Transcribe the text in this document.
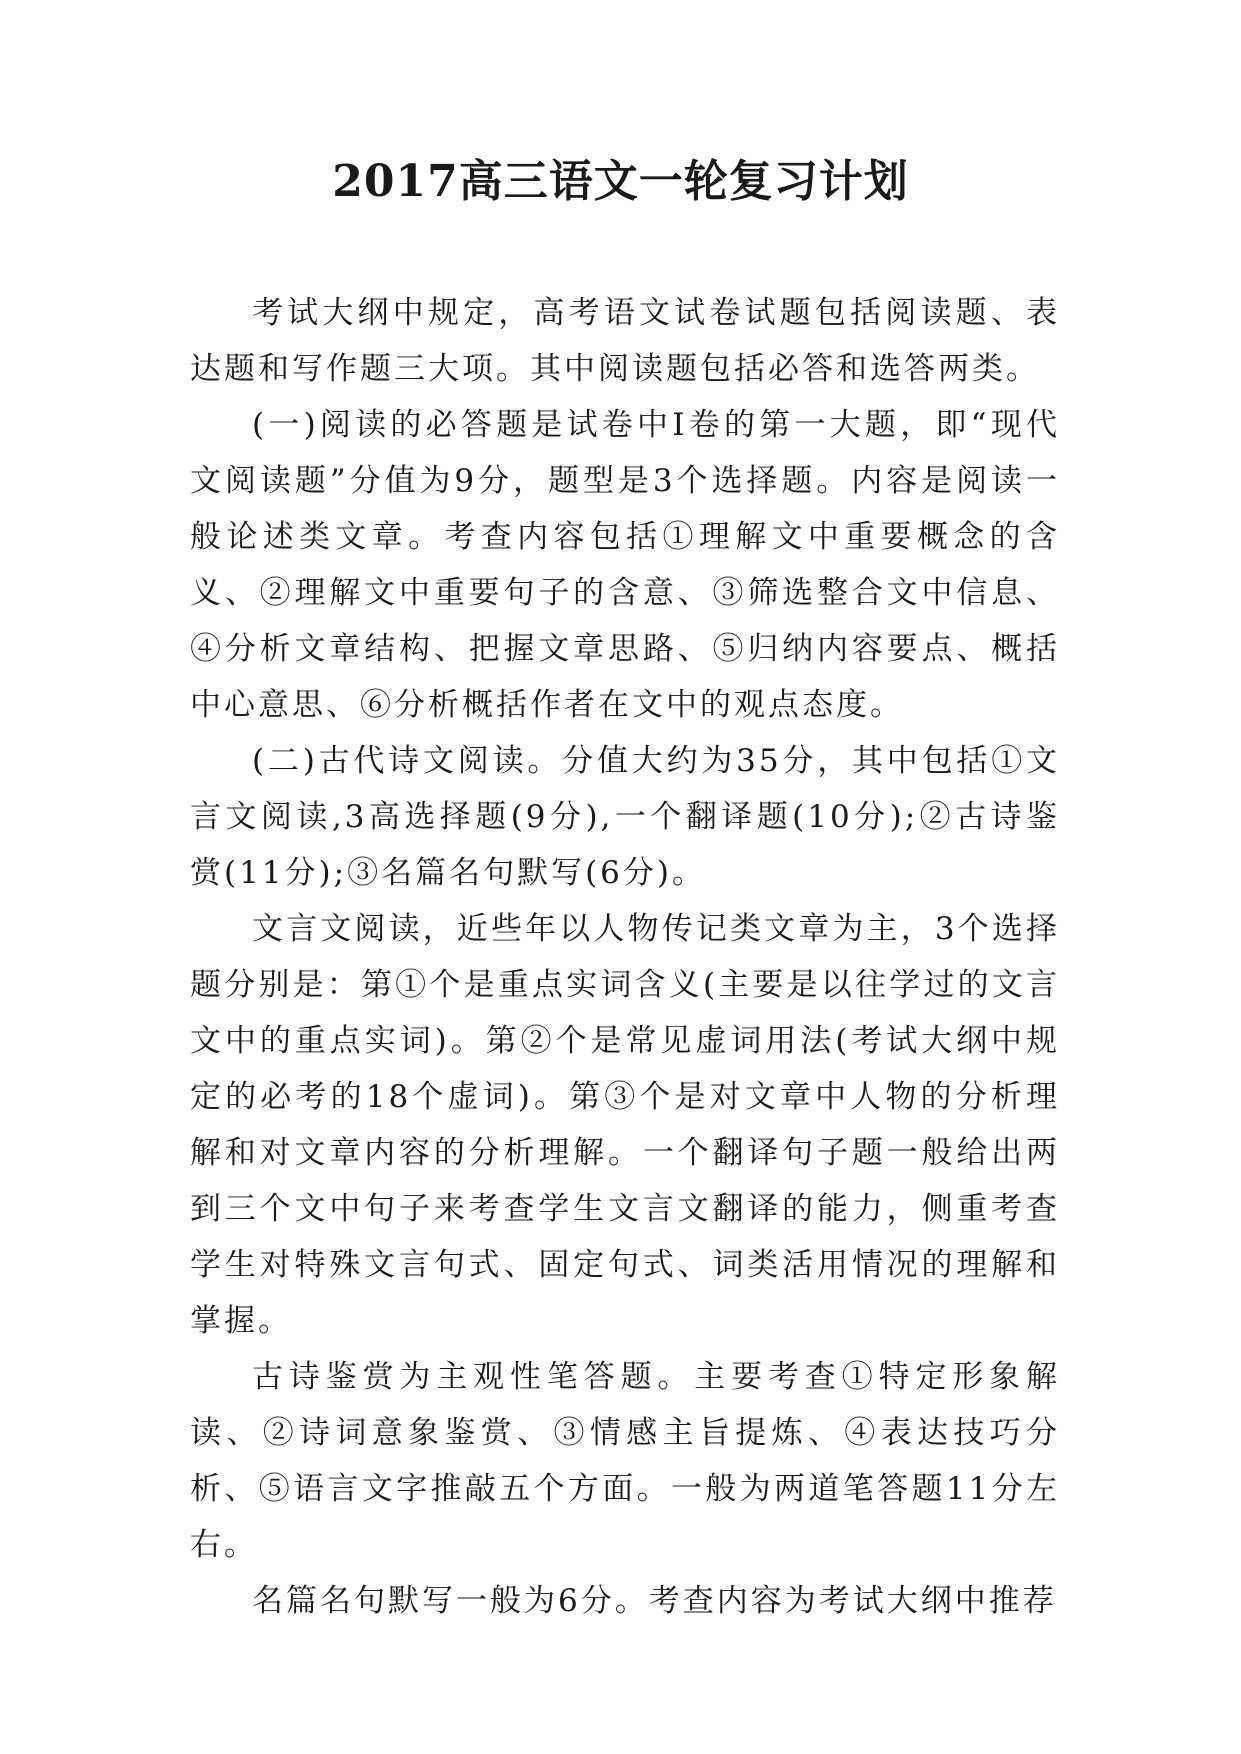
2017高三语文一轮复习计划

考试大纲中规定，高考语文试卷试题包括阅读题、表达题和写作题三大项。其中阅读题包括必答和选答两类。

(一)阅读的必答题是试卷中Ⅰ卷的第一大题，即“现代文阅读题”分值为9分，题型是3个选择题。内容是阅读一般论述类文章。考查内容包括①理解文中重要概念的含义、②理解文中重要句子的含意、③筛选整合文中信息、④分析文章结构、把握文章思路、⑤归纳内容要点、概括中心意思、⑥分析概括作者在文中的观点态度。

(二)古代诗文阅读。分值大约为35分，其中包括①文言文阅读,3高选择题(9分),一个翻译题(10分);②古诗鉴赏(11分);③名篇名句默写(6分)。

文言文阅读，近些年以人物传记类文章为主，3个选择题分别是：第①个是重点实词含义(主要是以往学过的文言文中的重点实词)。第②个是常见虚词用法(考试大纲中规定的必考的18个虚词)。第③个是对文章中人物的分析理解和对文章内容的分析理解。一个翻译句子题一般给出两到三个文中句子来考查学生文言文翻译的能力，侧重考查学生对特殊文言句式、固定句式、词类活用情况的理解和掌握。

古诗鉴赏为主观性笔答题。主要考查①特定形象解读、②诗词意象鉴赏、③情感主旨提炼、④表达技巧分析、⑤语言文字推敲五个方面。一般为两道笔答题11分左右。

名篇名句默写一般为6分。考查内容为考试大纲中推荐
